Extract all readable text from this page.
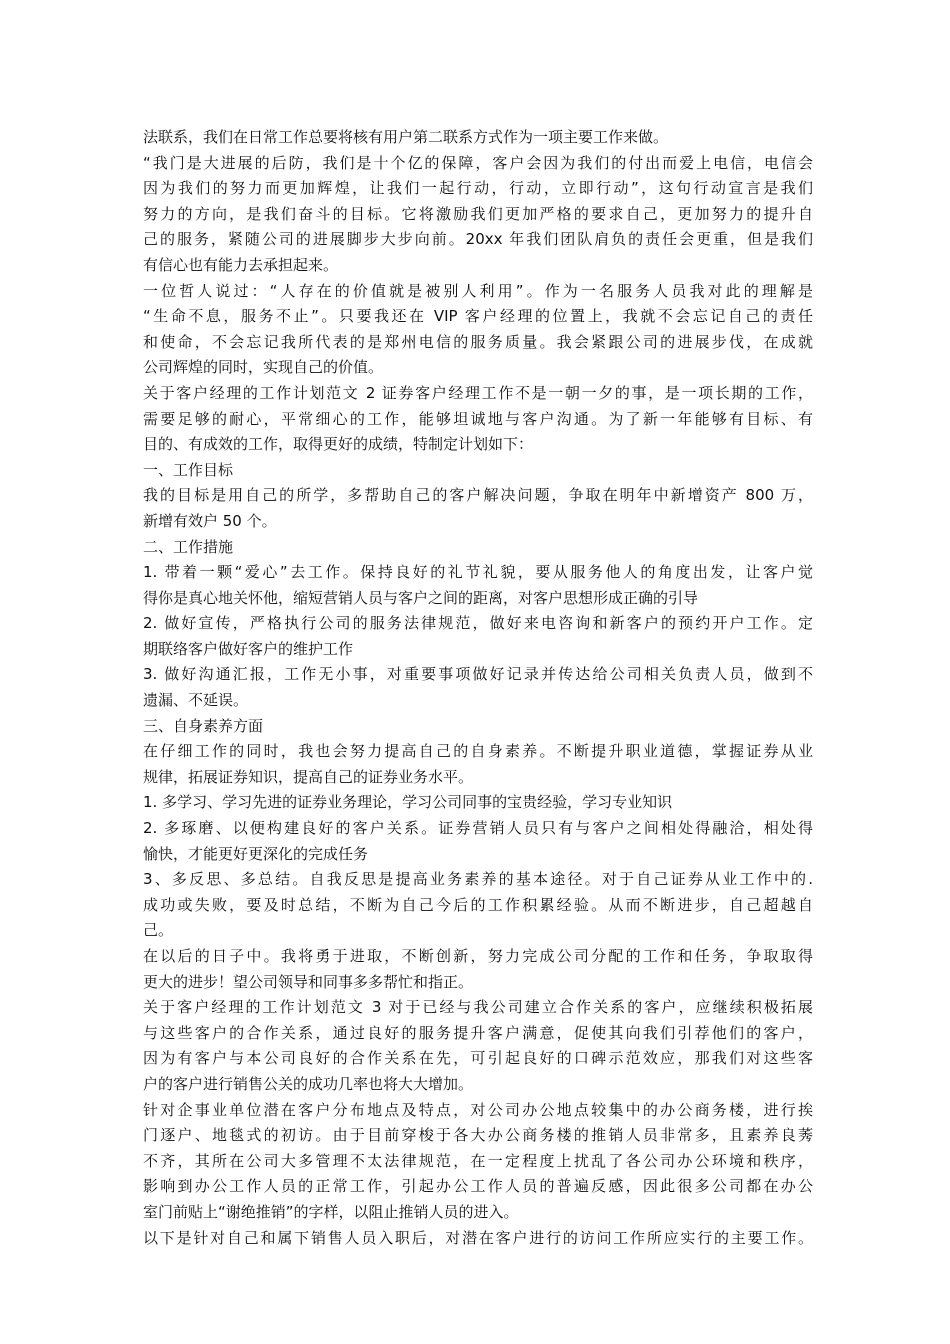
法联系，我们在日常工作总要将核有用户第二联系方式作为一项主要工作来做。
“我门是大进展的后防，我们是十个亿的保障，客户会因为我们的付出而爱上电信，电信会
因为我们的努力而更加辉煌，让我们一起行动，行动，立即行动”，这句行动宣言是我们
努力的方向，是我们奋斗的目标。它将激励我们更加严格的要求自己，更加努力的提升自
己的服务，紧随公司的进展脚步大步向前。20xx 年我们团队肩负的责任会更重，但是我们
有信心也有能力去承担起来。
一位哲人说过：“人存在的价值就是被别人利用”。作为一名服务人员我对此的理解是
“生命不息，服务不止”。只要我还在 VIP 客户经理的位置上，我就不会忘记自己的责任
和使命，不会忘记我所代表的是郑州电信的服务质量。我会紧跟公司的进展步伐，在成就
公司辉煌的同时，实现自己的价值。
关于客户经理的工作计划范文 2 证券客户经理工作不是一朝一夕的事，是一项长期的工作，
需要足够的耐心，平常细心的工作，能够坦诚地与客户沟通。为了新一年能够有目标、有
目的、有成效的工作，取得更好的成绩，特制定计划如下：
一、工作目标
我的目标是用自己的所学，多帮助自己的客户解决问题，争取在明年中新增资产 800 万，
新增有效户 50 个。
二、工作措施
1. 带着一颗“爱心”去工作。保持良好的礼节礼貌，要从服务他人的角度出发，让客户觉
得你是真心地关怀他，缩短营销人员与客户之间的距离，对客户思想形成正确的引导
2. 做好宣传，严格执行公司的服务法律规范，做好来电咨询和新客户的预约开户工作。定
期联络客户做好客户的维护工作
3. 做好沟通汇报，工作无小事，对重要事项做好记录并传达给公司相关负责人员，做到不
遗漏、不延误。
三、自身素养方面
在仔细工作的同时，我也会努力提高自己的自身素养。不断提升职业道德，掌握证券从业
规律，拓展证券知识，提高自己的证券业务水平。
1. 多学习、学习先进的证券业务理论，学习公司同事的宝贵经验，学习专业知识
2. 多琢磨、以便构建良好的客户关系。证券营销人员只有与客户之间相处得融洽，相处得
愉快，才能更好更深化的完成任务
3、多反思、多总结。自我反思是提高业务素养的基本途径。对于自己证券从业工作中的.
成功或失败，要及时总结，不断为自己今后的工作积累经验。从而不断进步，自己超越自
己。
在以后的日子中。我将勇于进取，不断创新，努力完成公司分配的工作和任务，争取取得
更大的进步！望公司领导和同事多多帮忙和指正。
关于客户经理的工作计划范文 3 对于已经与我公司建立合作关系的客户，应继续积极拓展
与这些客户的合作关系，通过良好的服务提升客户满意，促使其向我们引荐他们的客户，
因为有客户与本公司良好的合作关系在先，可引起良好的口碑示范效应，那我们对这些客
户的客户进行销售公关的成功几率也将大大增加。
针对企事业单位潜在客户分布地点及特点，对公司办公地点较集中的办公商务楼，进行挨
门逐户、地毯式的初访。由于目前穿梭于各大办公商务楼的推销人员非常多，且素养良莠
不齐，其所在公司大多管理不太法律规范，在一定程度上扰乱了各公司办公环境和秩序，
影响到办公工作人员的正常工作，引起办公工作人员的普遍反感，因此很多公司都在办公
室门前贴上“谢绝推销”的字样，以阻止推销人员的进入。
以下是针对自己和属下销售人员入职后，对潜在客户进行的访问工作所应实行的主要工作。
